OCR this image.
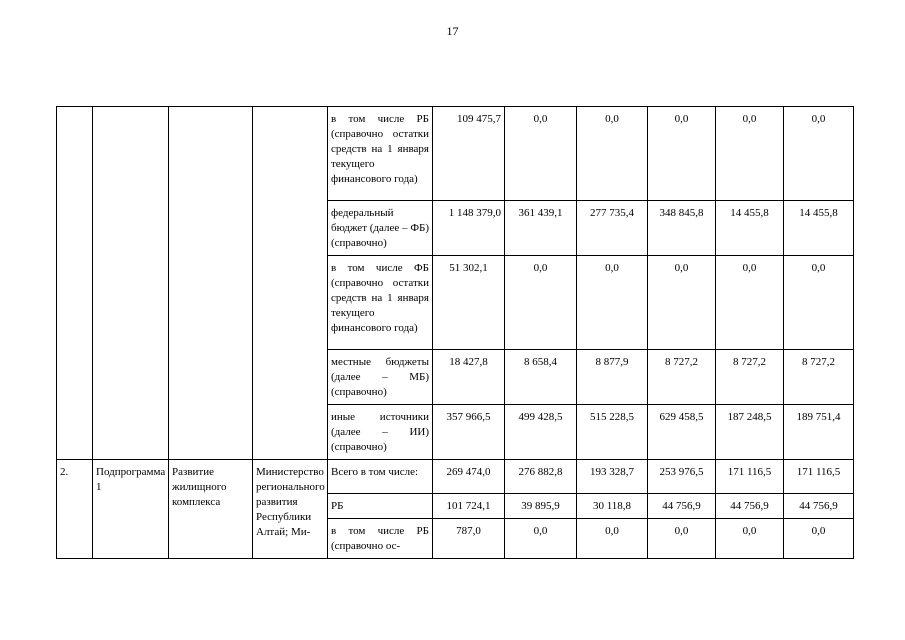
17
				в том числе РБ (справочно остатки средств на 1 января текущего финансового года)	109 475,7	0,0	0,0	0,0	0,0	0,0
				федеральный бюджет (далее – ФБ) (справочно)	1 148 379,0	361 439,1	277 735,4	348 845,8	14 455,8	14 455,8
				в том числе ФБ (справочно остатки средств на 1 января текущего финансового года)	51 302,1	0,0	0,0	0,0	0,0	0,0
				местные бюджеты (далее – МБ) (справочно)	18 427,8	8 658,4	8 877,9	8 727,2	8 727,2	8 727,2
				иные источники (далее – ИИ) (справочно)	357 966,5	499 428,5	515 228,5	629 458,5	187 248,5	189 751,4
2.	Подпрограмма 1	Развитие жилищного комплекса	Министерство регионального развития Республики Алтай; Ми-	Всего в том числе:	269 474,0	276 882,8	193 328,7	253 976,5	171 116,5	171 116,5
				РБ	101 724,1	39 895,9	30 118,8	44 756,9	44 756,9	44 756,9
				в том числе РБ (справочно ос-	787,0	0,0	0,0	0,0	0,0	0,0
